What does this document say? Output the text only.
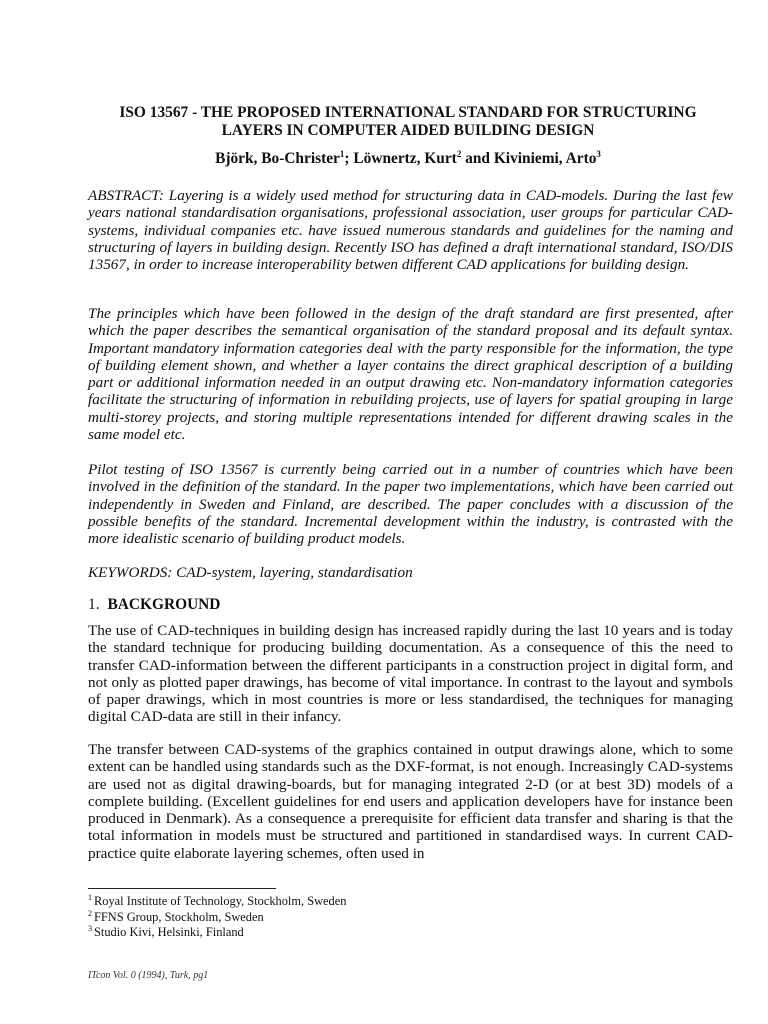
ISO 13567 - THE PROPOSED INTERNATIONAL STANDARD FOR STRUCTURING
LAYERS IN COMPUTER AIDED BUILDING DESIGN
Björk, Bo-Christer$^1$; Löwnertz, Kurt$^2$ and Kiviniemi, Arto$^3$
ABSTRACT: Layering is a widely used method for structuring data in CAD-models. During the last few years national standardisation organisations, professional association, user groups for particular CAD-systems, individual companies etc. have issued numerous standards and guidelines for the naming and structuring of layers in building design. Recently ISO has defined a draft international standard, ISO/DIS 13567, in order to increase interoperability betwen different CAD applications for building design.
The principles which have been followed in the design of the draft standard are first presented, after which the paper describes the semantical organisation of the standard proposal and its default syntax. Important mandatory information categories deal with the party responsible for the information, the type of building element shown, and whether a layer contains the direct graphical description of a building part or additional information needed in an output drawing etc. Non-mandatory information categories facilitate the structuring of information in rebuilding projects, use of layers for spatial grouping in large multi-storey projects, and storing multiple representations intended for different drawing scales in the same model etc.
Pilot testing of ISO 13567 is currently being carried out in a number of countries which have been involved in the definition of the standard. In the paper two implementations, which have been carried out independently in Sweden and Finland, are described. The paper concludes with a discussion of the possible benefits of the standard. Incremental development within the industry, is contrasted with the more idealistic scenario of building product models.
KEYWORDS: CAD-system, layering, standardisation
1. BACKGROUND
The use of CAD-techniques in building design has increased rapidly during the last 10 years and is today the standard technique for producing building documentation. As a consequence of this the need to transfer CAD-information between the different participants in a construction project in digital form, and not only as plotted paper drawings, has become of vital importance. In contrast to the layout and symbols of paper drawings, which in most countries is more or less standardised, the techniques for managing digital CAD-data are still in their infancy.
The transfer between CAD-systems of the graphics contained in output drawings alone, which to some extent can be handled using standards such as the DXF-format, is not enough. Increasingly CAD-systems are used not as digital drawing-boards, but for managing integrated 2-D (or at best 3D) models of a complete building. (Excellent guidelines for end users and application developers have for instance been produced in Denmark). As a consequence a prerequisite for efficient data transfer and sharing is that the total information in models must be structured and partitioned in standardised ways. In current CAD-practice quite elaborate layering schemes, often used in
$^1$ Royal Institute of Technology, Stockholm, Sweden
$^2$ FFNS Group, Stockholm, Sweden
$^3$ Studio Kivi, Helsinki, Finland
ITcon Vol. 0 (1994), Turk, pg1
